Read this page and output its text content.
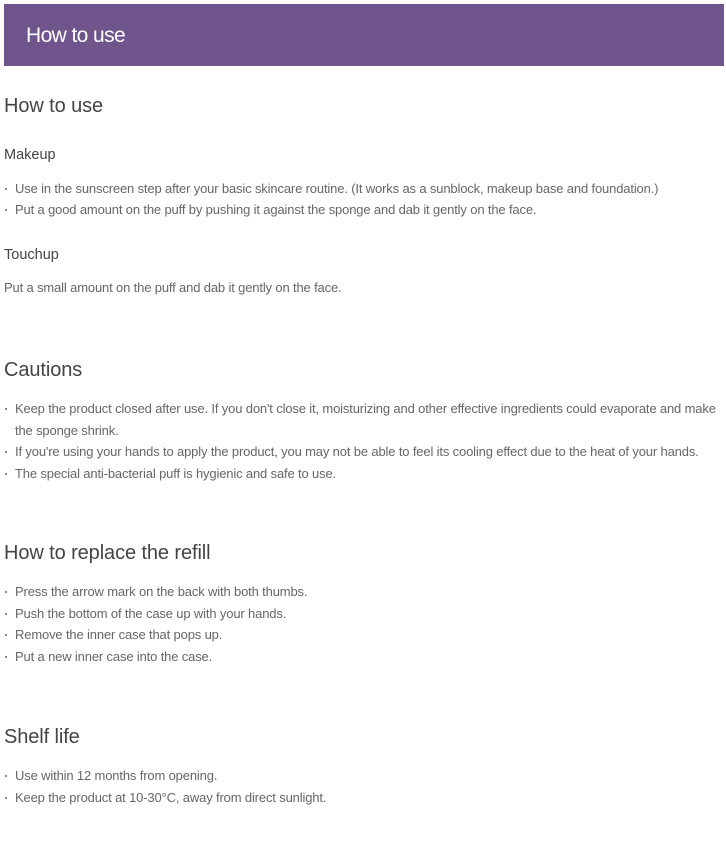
How to use
How to use
Makeup
Use in the sunscreen step after your basic skincare routine. (It works as a sunblock, makeup base and foundation.)
Put a good amount on the puff by pushing it against the sponge and dab it gently on the face.
Touchup

Put a small amount on the puff and dab it gently on the face.

Cautions
Keep the product closed after use. If you don't close it, moisturizing and other effective ingredients could evaporate and make the sponge shrink.
If you're using your hands to apply the product, you may not be able to feel its cooling effect due to the heat of your hands.
The special anti-bacterial puff is hygienic and safe to use.
How to replace the refill
Press the arrow mark on the back with both thumbs.
Push the bottom of the case up with your hands.
Remove the inner case that pops up.
Put a new inner case into the case.
Shelf life
Use within 12 months from opening.
Keep the product at 10-30°C, away from direct sunlight.
